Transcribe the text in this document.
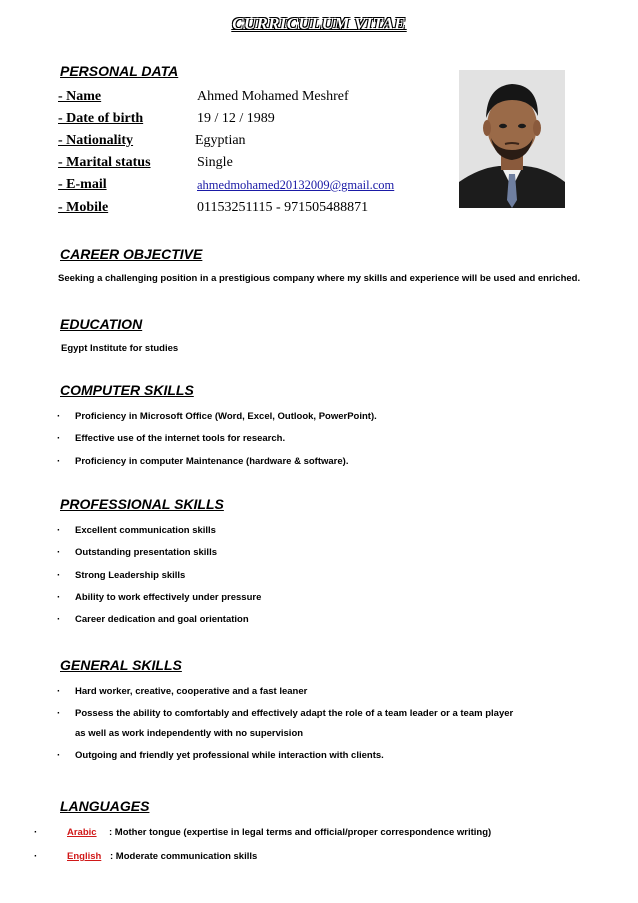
CURRICULUM VITAE
PERSONAL DATA
- Name	Ahmed Mohamed Meshref
- Date of birth	19 / 12 / 1989
- Nationality	Egyptian
- Marital status	Single
- E-mail	ahmedmohamed20132009@gmail.com
- Mobile	01153251115 - 971505488871
CAREER OBJECTIVE
Seeking a challenging position in a prestigious company where my skills and experience will be used and enriched.
EDUCATION
Egypt Institute for studies
COMPUTER SKILLS
· Proficiency in Microsoft Office (Word, Excel, Outlook, PowerPoint).
· Effective use of the internet tools for research.
· Proficiency in computer Maintenance (hardware & software).
PROFESSIONAL SKILLS
· Excellent communication skills
· Outstanding presentation skills
· Strong Leadership skills
· Ability to work effectively under pressure
· Career dedication and goal orientation
GENERAL SKILLS
· Hard worker, creative, cooperative and a fast leaner
· Possess the ability to comfortably and effectively adapt the role of a team leader or a team player
as well as work independently with no supervision
· Outgoing and friendly yet professional while interaction with clients.
LANGUAGES
·	Arabic : Mother tongue (expertise in legal terms and official/proper correspondence writing)
·	English : Moderate communication skills
